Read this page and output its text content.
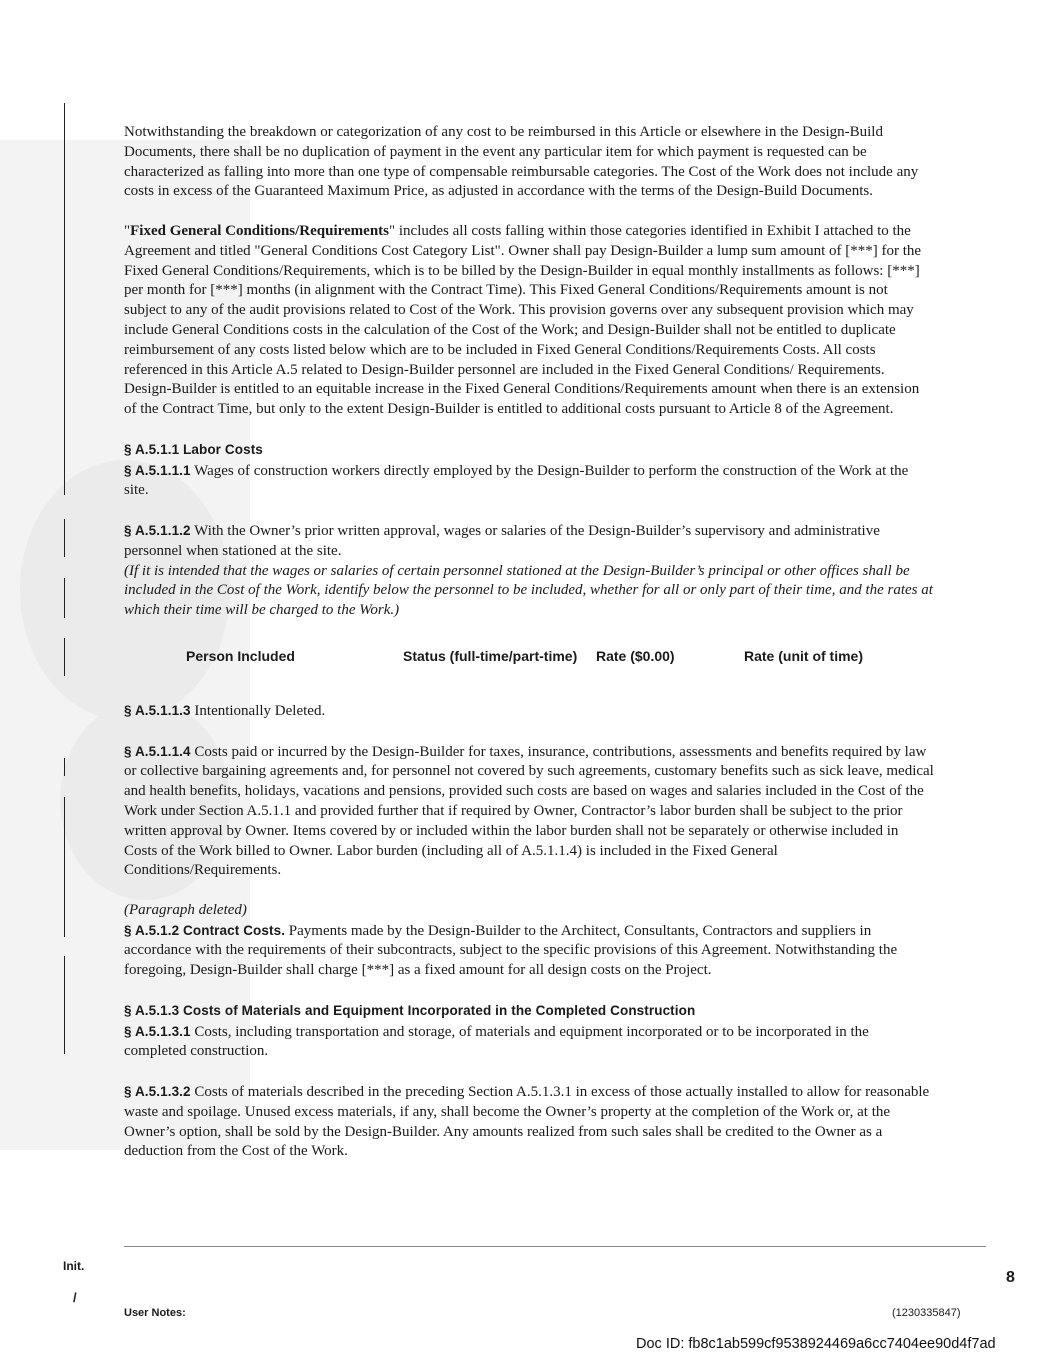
Notwithstanding the breakdown or categorization of any cost to be reimbursed in this Article or elsewhere in the Design-Build Documents, there shall be no duplication of payment in the event any particular item for which payment is requested can be characterized as falling into more than one type of compensable reimbursable categories. The Cost of the Work does not include any costs in excess of the Guaranteed Maximum Price, as adjusted in accordance with the terms of the Design-Build Documents.

"Fixed General Conditions/Requirements" includes all costs falling within those categories identified in Exhibit I attached to the Agreement and titled "General Conditions Cost Category List". Owner shall pay Design-Builder a lump sum amount of [***] for the Fixed General Conditions/Requirements, which is to be billed by the Design-Builder in equal monthly installments as follows: [***] per month for [***] months (in alignment with the Contract Time). This Fixed General Conditions/Requirements amount is not subject to any of the audit provisions related to Cost of the Work. This provision governs over any subsequent provision which may include General Conditions costs in the calculation of the Cost of the Work; and Design-Builder shall not be entitled to duplicate reimbursement of any costs listed below which are to be included in Fixed General Conditions/Requirements Costs. All costs referenced in this Article A.5 related to Design-Builder personnel are included in the Fixed General Conditions/ Requirements. Design-Builder is entitled to an equitable increase in the Fixed General Conditions/Requirements amount when there is an extension of the Contract Time, but only to the extent Design-Builder is entitled to additional costs pursuant to Article 8 of the Agreement.

§ A.5.1.1 Labor Costs

§ A.5.1.1.1 Wages of construction workers directly employed by the Design-Builder to perform the construction of the Work at the site.

§ A.5.1.1.2 With the Owner’s prior written approval, wages or salaries of the Design-Builder’s supervisory and administrative personnel when stationed at the site.

(If it is intended that the wages or salaries of certain personnel stationed at the Design-Builder’s principal or other offices shall be included in the Cost of the Work, identify below the personnel to be included, whether for all or only part of their time, and the rates at which their time will be charged to the Work.)

Person Included	Status (full-time/part-time) Rate ($0.00)	Rate (unit of time)

§ A.5.1.1.3 Intentionally Deleted.

§ A.5.1.1.4 Costs paid or incurred by the Design-Builder for taxes, insurance, contributions, assessments and benefits required by law or collective bargaining agreements and, for personnel not covered by such agreements, customary benefits such as sick leave, medical and health benefits, holidays, vacations and pensions, provided such costs are based on wages and salaries included in the Cost of the Work under Section A.5.1.1 and provided further that if required by Owner, Contractor’s labor burden shall be subject to the prior written approval by Owner. Items covered by or included within the labor burden shall not be separately or otherwise included in Costs of the Work billed to Owner. Labor burden (including all of A.5.1.1.4) is included in the Fixed General Conditions/Requirements.

(Paragraph deleted)

§ A.5.1.2 Contract Costs. Payments made by the Design-Builder to the Architect, Consultants, Contractors and suppliers in accordance with the requirements of their subcontracts, subject to the specific provisions of this Agreement. Notwithstanding the foregoing, Design-Builder shall charge [***] as a fixed amount for all design costs on the Project.

§ A.5.1.3 Costs of Materials and Equipment Incorporated in the Completed Construction

§ A.5.1.3.1 Costs, including transportation and storage, of materials and equipment incorporated or to be incorporated in the completed construction.

§ A.5.1.3.2 Costs of materials described in the preceding Section A.5.1.3.1 in excess of those actually installed to allow for reasonable waste and spoilage. Unused excess materials, if any, shall become the Owner’s property at the completion of the Work or, at the Owner’s option, shall be sold by the Design-Builder. Any amounts realized from such sales shall be credited to the Owner as a deduction from the Cost of the Work.

Init.
/
8
User Notes:	(1230335847)
Doc ID: fb8c1ab599cf9538924469a6cc7404ee90d4f7ad
